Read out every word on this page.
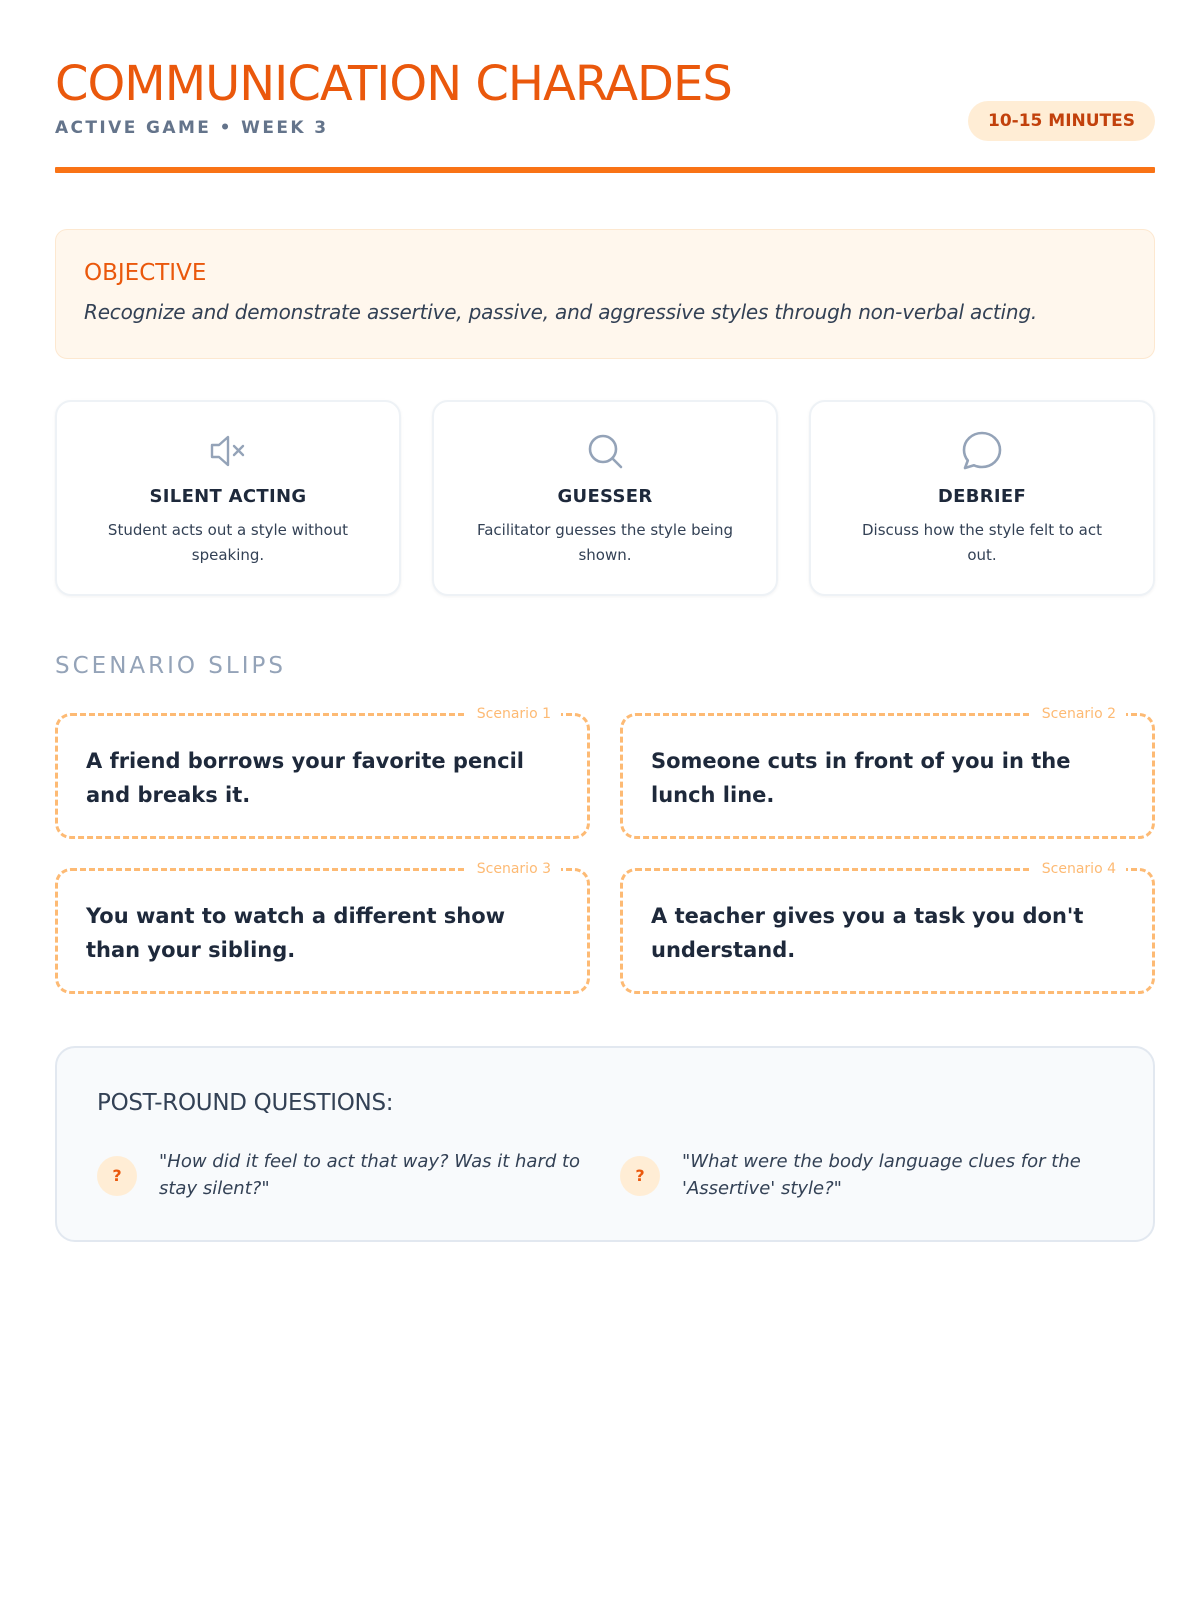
COMMUNICATION CHARADES
ACTIVE GAME • WEEK 3	10-15 MINUTES
OBJECTIVE
Recognize and demonstrate assertive, passive, and aggressive styles through non-verbal acting.
SILENT ACTING
Student acts out a style without speaking.
GUESSER
Facilitator guesses the style being shown.
DEBRIEF
Discuss how the style felt to act out.
SCENARIO SLIPS
Scenario 1
A friend borrows your favorite pencil and breaks it.
Scenario 2
Someone cuts in front of you in the lunch line.
Scenario 3
You want to watch a different show than your sibling.
Scenario 4
A teacher gives you a task you don't understand.
POST-ROUND QUESTIONS:
?
"How did it feel to act that way? Was it hard to stay silent?"
?
"What were the body language clues for the 'Assertive' style?"
